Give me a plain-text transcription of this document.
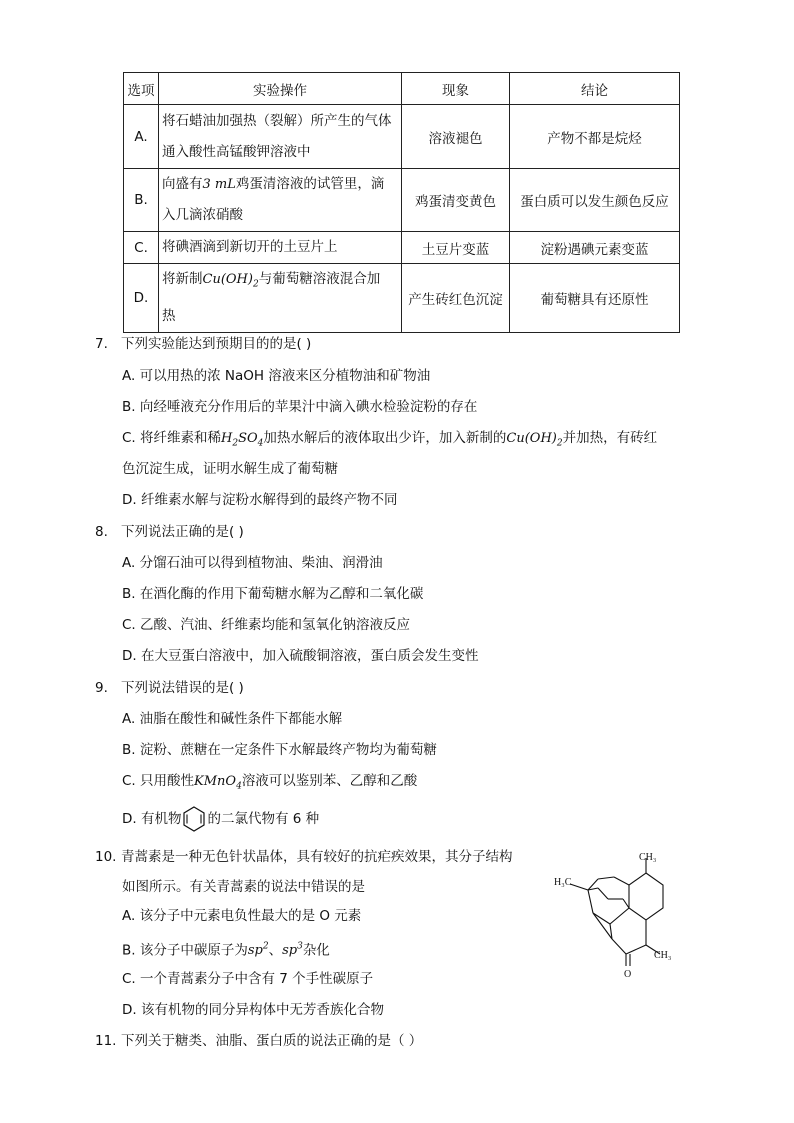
选项	实验操作	现象	结论
A.	将石蜡油加强热（裂解）所产生的气体
通入酸性高锰酸钾溶液中	溶液褪色	产物不都是烷烃
B.	向盛有3 mL鸡蛋清溶液的试管里，滴
入几滴浓硝酸	鸡蛋清变黄色	蛋白质可以发生颜色反应
C.	将碘酒滴到新切开的土豆片上	土豆片变蓝	淀粉遇碘元素变蓝
D.	将新制$Cu(OH)_2$与葡萄糖溶液混合加
热	产生砖红色沉淀	葡萄糖具有还原性
7. 下列实验能达到预期目的的是( )
A. 可以用热的浓 NaOH 溶液来区分植物油和矿物油
B. 向经唾液充分作用后的苹果汁中滴入碘水检验淀粉的存在
C. 将纤维素和稀$H_2SO_4$加热水解后的液体取出少许，加入新制的$Cu(OH)_2$并加热，有砖红
色沉淀生成，证明水解生成了葡萄糖
D. 纤维素水解与淀粉水解得到的最终产物不同
8. 下列说法正确的是( )
A. 分馏石油可以得到植物油、柴油、润滑油
B. 在酒化酶的作用下葡萄糖水解为乙醇和二氧化碳
C. 乙酸、汽油、纤维素均能和氢氧化钠溶液反应
D. 在大豆蛋白溶液中，加入硫酸铜溶液，蛋白质会发生变性
9. 下列说法错误的是( )
A. 油脂在酸性和碱性条件下都能水解
B. 淀粉、蔗糖在一定条件下水解最终产物均为葡萄糖
C. 只用酸性KMnO$_4$溶液可以鉴别苯、乙醇和乙酸
D. 有机物 的二氯代物有 6 种
10. 青蒿素是一种无色针状晶体，具有较好的抗疟疾效果，其分子结构
如图所示。有关青蒿素的说法中错误的是
A. 该分子中元素电负性最大的是 O 元素
B. 该分子中碳原子为$sp^2$、$sp^3$杂化
C. 一个青蒿素分子中含有 7 个手性碳原子
D. 该有机物的同分异构体中无芳香族化合物
CH₃
H₃C
CH₃
O
11. 下列关于糖类、油脂、蛋白质的说法正确的是（ ）
